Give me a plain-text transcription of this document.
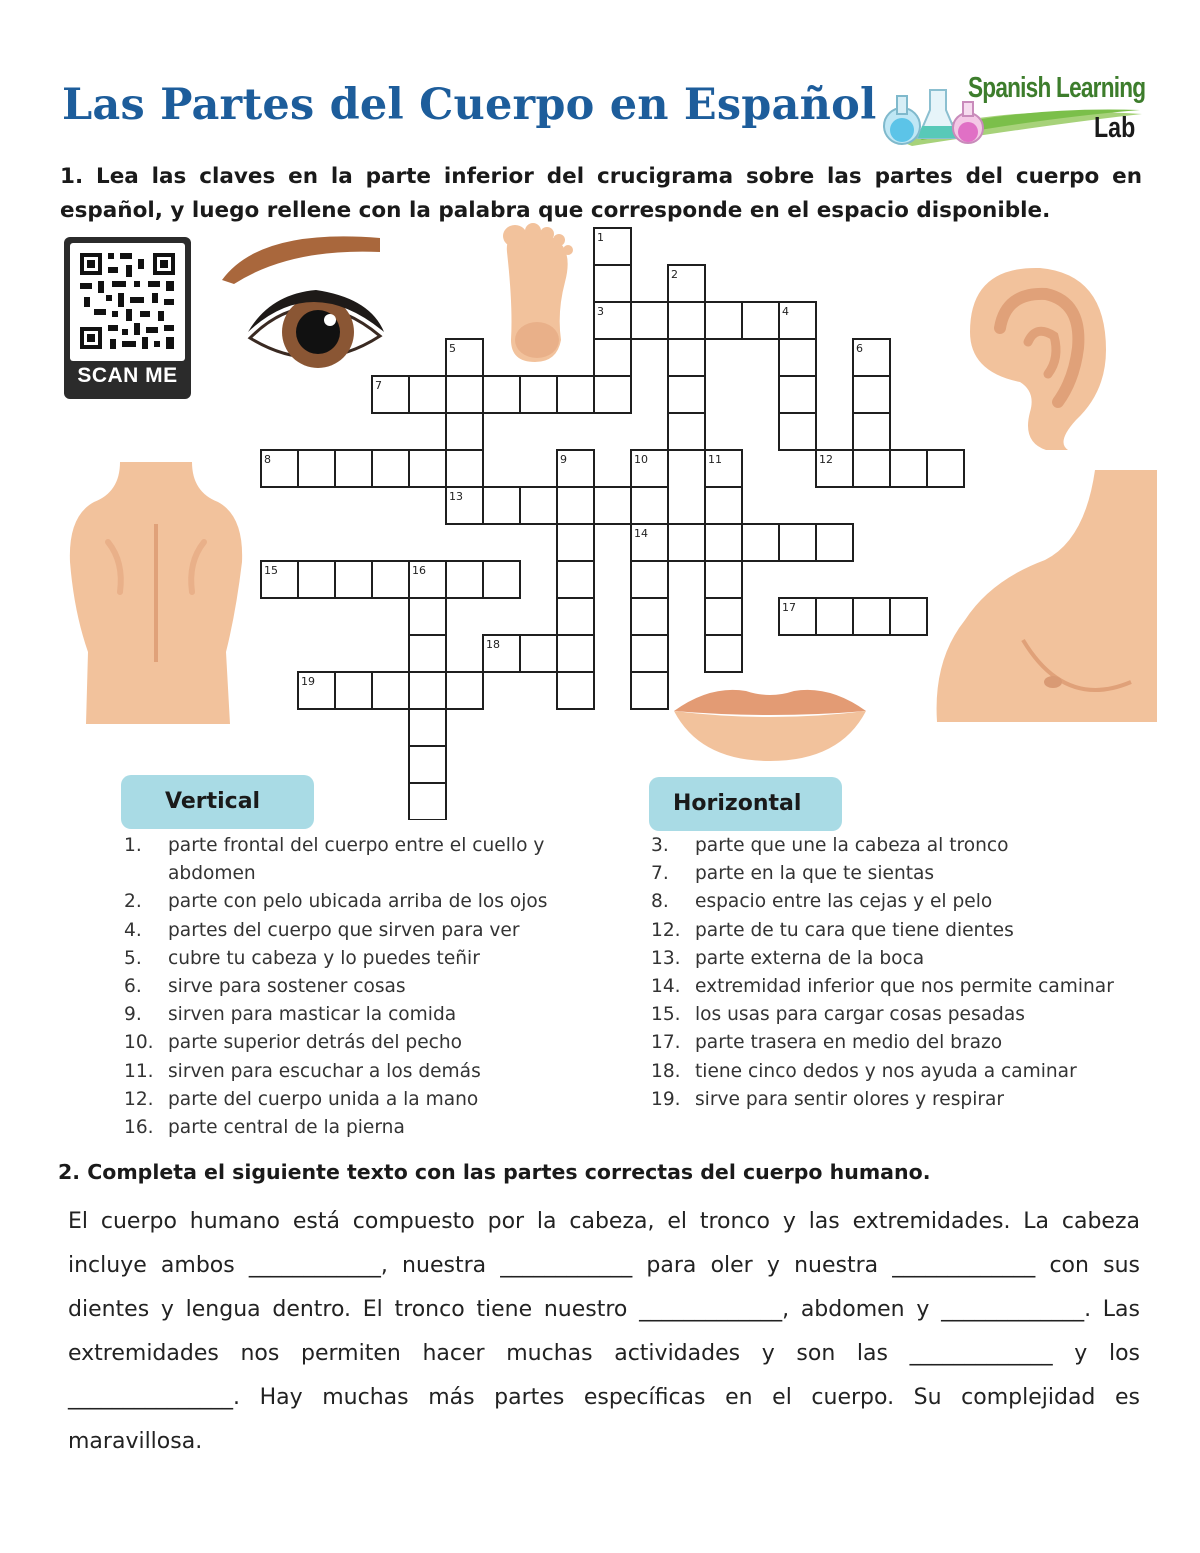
Las Partes del Cuerpo en Español	Spanish Learning
Lab
1. Lea las claves en la parte inferior del crucigrama sobre las partes del cuerpo en español, y luego rellene con la palabra que corresponde en el espacio disponible.
SCAN ME
1
2
3	4
5	6
7
8	9	10	11	12
13
14
15	16
17
18
19
Vertical	Horizontal
1. parte frontal del cuerpo entre el cuello y abdomen
2. parte con pelo ubicada arriba de los ojos
4. partes del cuerpo que sirven para ver
5. cubre tu cabeza y lo puedes teñir
6. sirve para sostener cosas
9. sirven para masticar la comida
10. parte superior detrás del pecho
11. sirven para escuchar a los demás
12. parte del cuerpo unida a la mano
16. parte central de la pierna
3. parte que une la cabeza al tronco
7. parte en la que te sientas
8. espacio entre las cejas y el pelo
12. parte de tu cara que tiene dientes
13. parte externa de la boca
14. extremidad inferior que nos permite caminar
15. los usas para cargar cosas pesadas
17. parte trasera en medio del brazo
18. tiene cinco dedos y nos ayuda a caminar
19. sirve para sentir olores y respirar
2. Completa el siguiente texto con las partes correctas del cuerpo humano.
El cuerpo humano está compuesto por la cabeza, el tronco y las extremidades. La cabeza incluye ambos ____________, nuestra ____________ para oler y nuestra _____________ con sus dientes y lengua dentro. El tronco tiene nuestro _____________, abdomen y _____________. Las extremidades nos permiten hacer muchas actividades y son las _____________ y los _______________. Hay muchas más partes específicas en el cuerpo. Su complejidad es maravillosa.
